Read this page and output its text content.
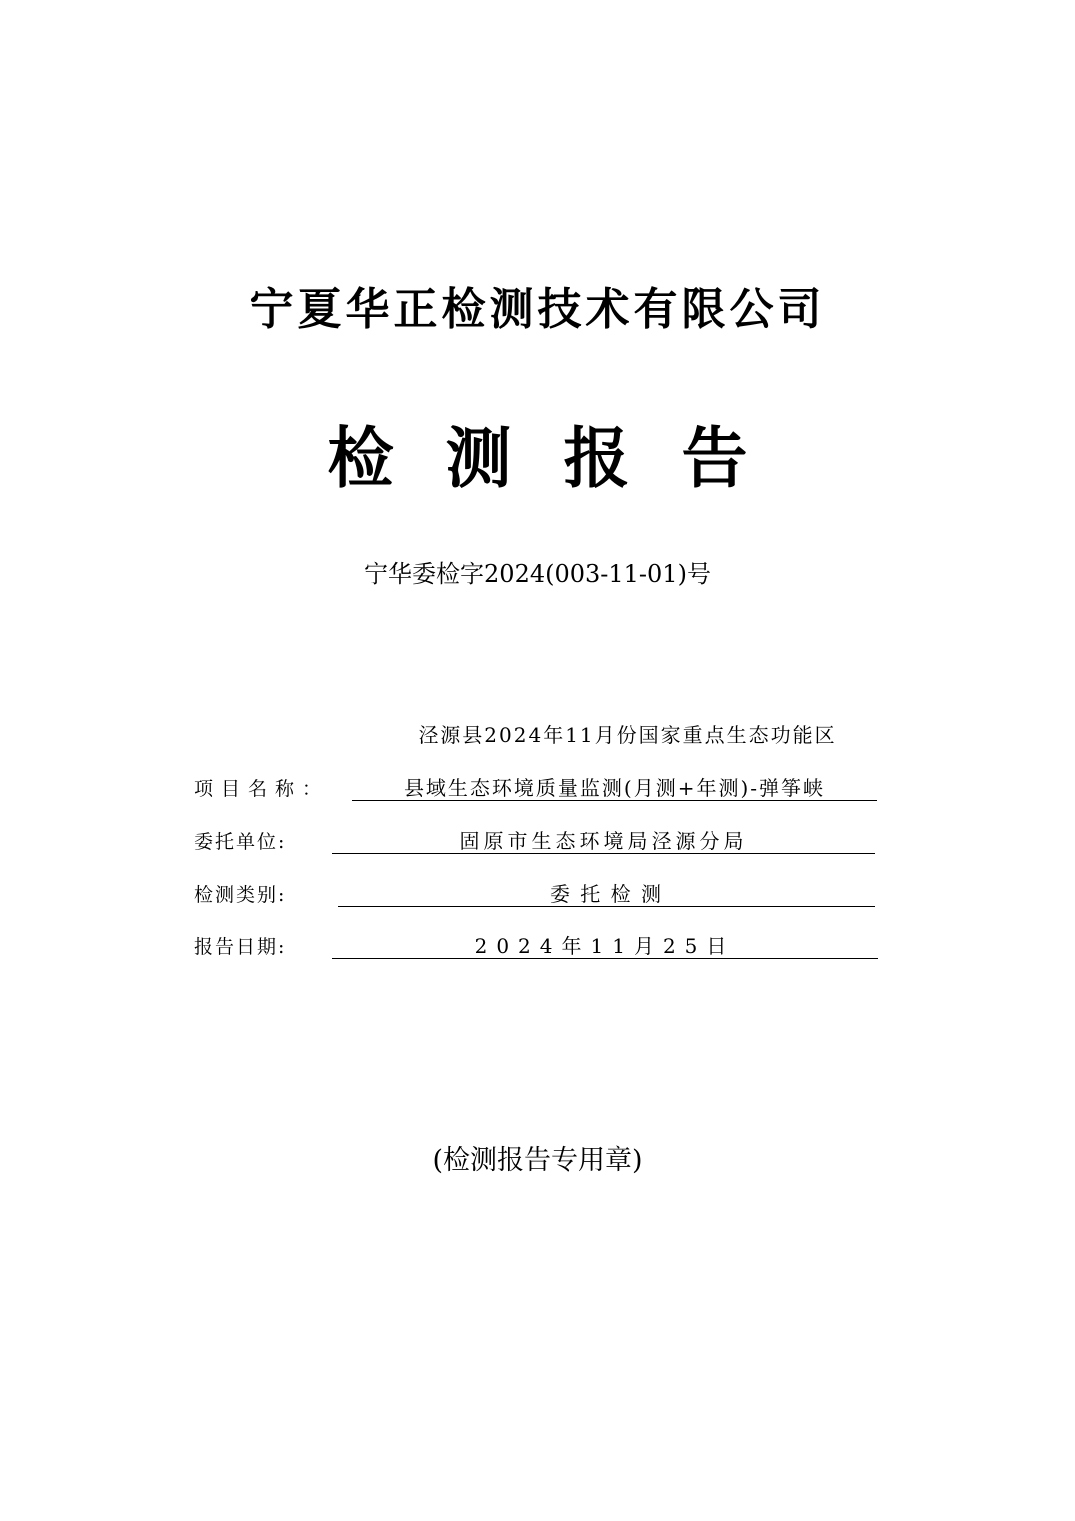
宁夏华正检测技术有限公司
检测报告
宁华委检字2024(003-11-01)号
泾源县2024年11月份国家重点生态功能区
项目名称：	县域生态环境质量监测(月测+年测)-弹筝峡
委托单位:	固原市生态环境局泾源分局
检测类别:	委 托 检 测
报告日期:	2024年11月25日
(检测报告专用章)
